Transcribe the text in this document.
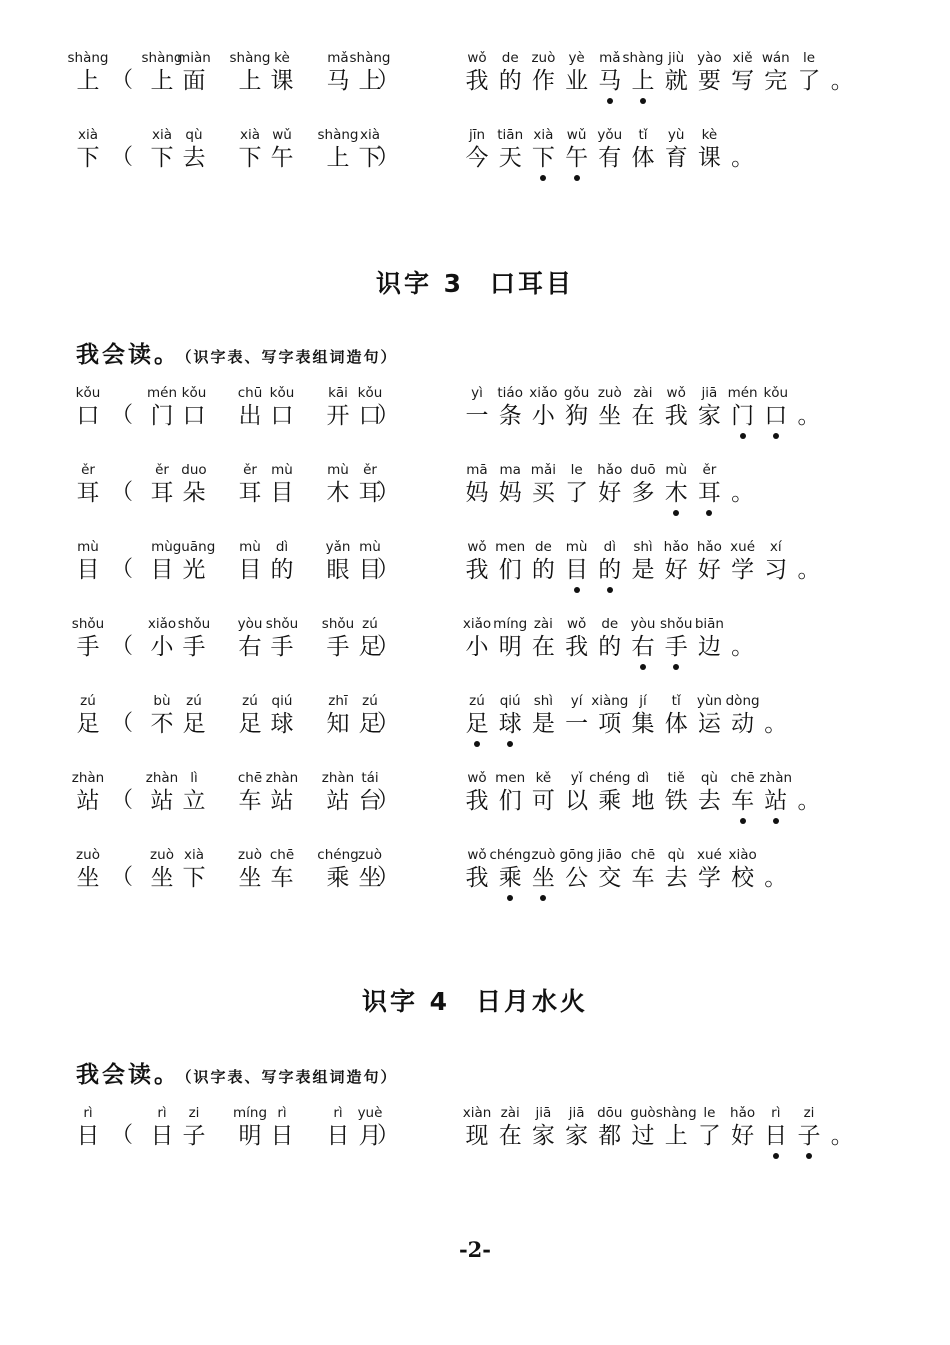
shàng
上 （
shàng
上
miàn
面
shàng
上
kè
课
mǎ
马
shàng
上
）
wǒ
我
de
的
zuò
作
yè
业
mǎ
马
shàng
上
jiù
就
yào
要
xiě
写
wán
完
le
了 。
xià
下 （
xià
下
qù
去
xià
下
wǔ
午
shàng
上
xià
下
）
jīn
今
tiān
天
xià
下
wǔ
午
yǒu
有
tǐ
体
yù
育
kè
课 。
识字 3 口耳目
我会读。 （识字表、写字表组词造句）
kǒu
口 （
mén
门
kǒu
口
chū
出
kǒu
口
kāi
开
kǒu
口
）
yì
一
tiáo
条
xiǎo
小
gǒu
狗
zuò
坐
zài
在
wǒ
我
jiā
家
mén
门
kǒu
口 。
ěr
耳 （
ěr
耳
duo
朵
ěr
耳
mù
目
mù
木
ěr
耳
）
mā
妈
ma
妈
mǎi
买
le
了
hǎo
好
duō
多
mù
木
ěr
耳 。
mù
目 （
mù
目
guāng
光
mù
目
dì
的
yǎn
眼
mù
目
）
wǒ
我
men
们
de
的
mù
目
dì
的
shì
是
hǎo
好
hǎo
好
xué
学
xí
习 。
shǒu
手 （
xiǎo
小
shǒu
手
yòu
右
shǒu
手
shǒu
手
zú
足
）
xiǎo
小
míng
明
zài
在
wǒ
我
de
的
yòu
右
shǒu
手
biān
边 。
zú
足 （
bù
不
zú
足
zú
足
qiú
球
zhī
知
zú
足
）
zú
足
qiú
球
shì
是
yí
一
xiàng
项
jí
集
tǐ
体
yùn
运
dòng
动 。
zhàn
站 （
zhàn
站
lì
立
chē
车
zhàn
站
zhàn
站
tái
台
）
wǒ
我
men
们
kě
可
yǐ
以
chéng
乘
dì
地
tiě
铁
qù
去
chē
车
zhàn
站 。
zuò
坐 （
zuò
坐
xià
下
zuò
坐
chē
车
chéng
乘
zuò
坐
）
wǒ
我
chéng
乘
zuò
坐
gōng
公
jiāo
交
chē
车
qù
去
xué
学
xiào
校 。
识字 4 日月水火
我会读。 （识字表、写字表组词造句）
rì
日 （
rì
日
zi
子
míng
明
rì
日
rì
日
yuè
月
）
xiàn
现
zài
在
jiā
家
jiā
家
dōu
都
guò
过
shàng
上
le
了
hǎo
好
rì
日
zi
子 。
-2-
